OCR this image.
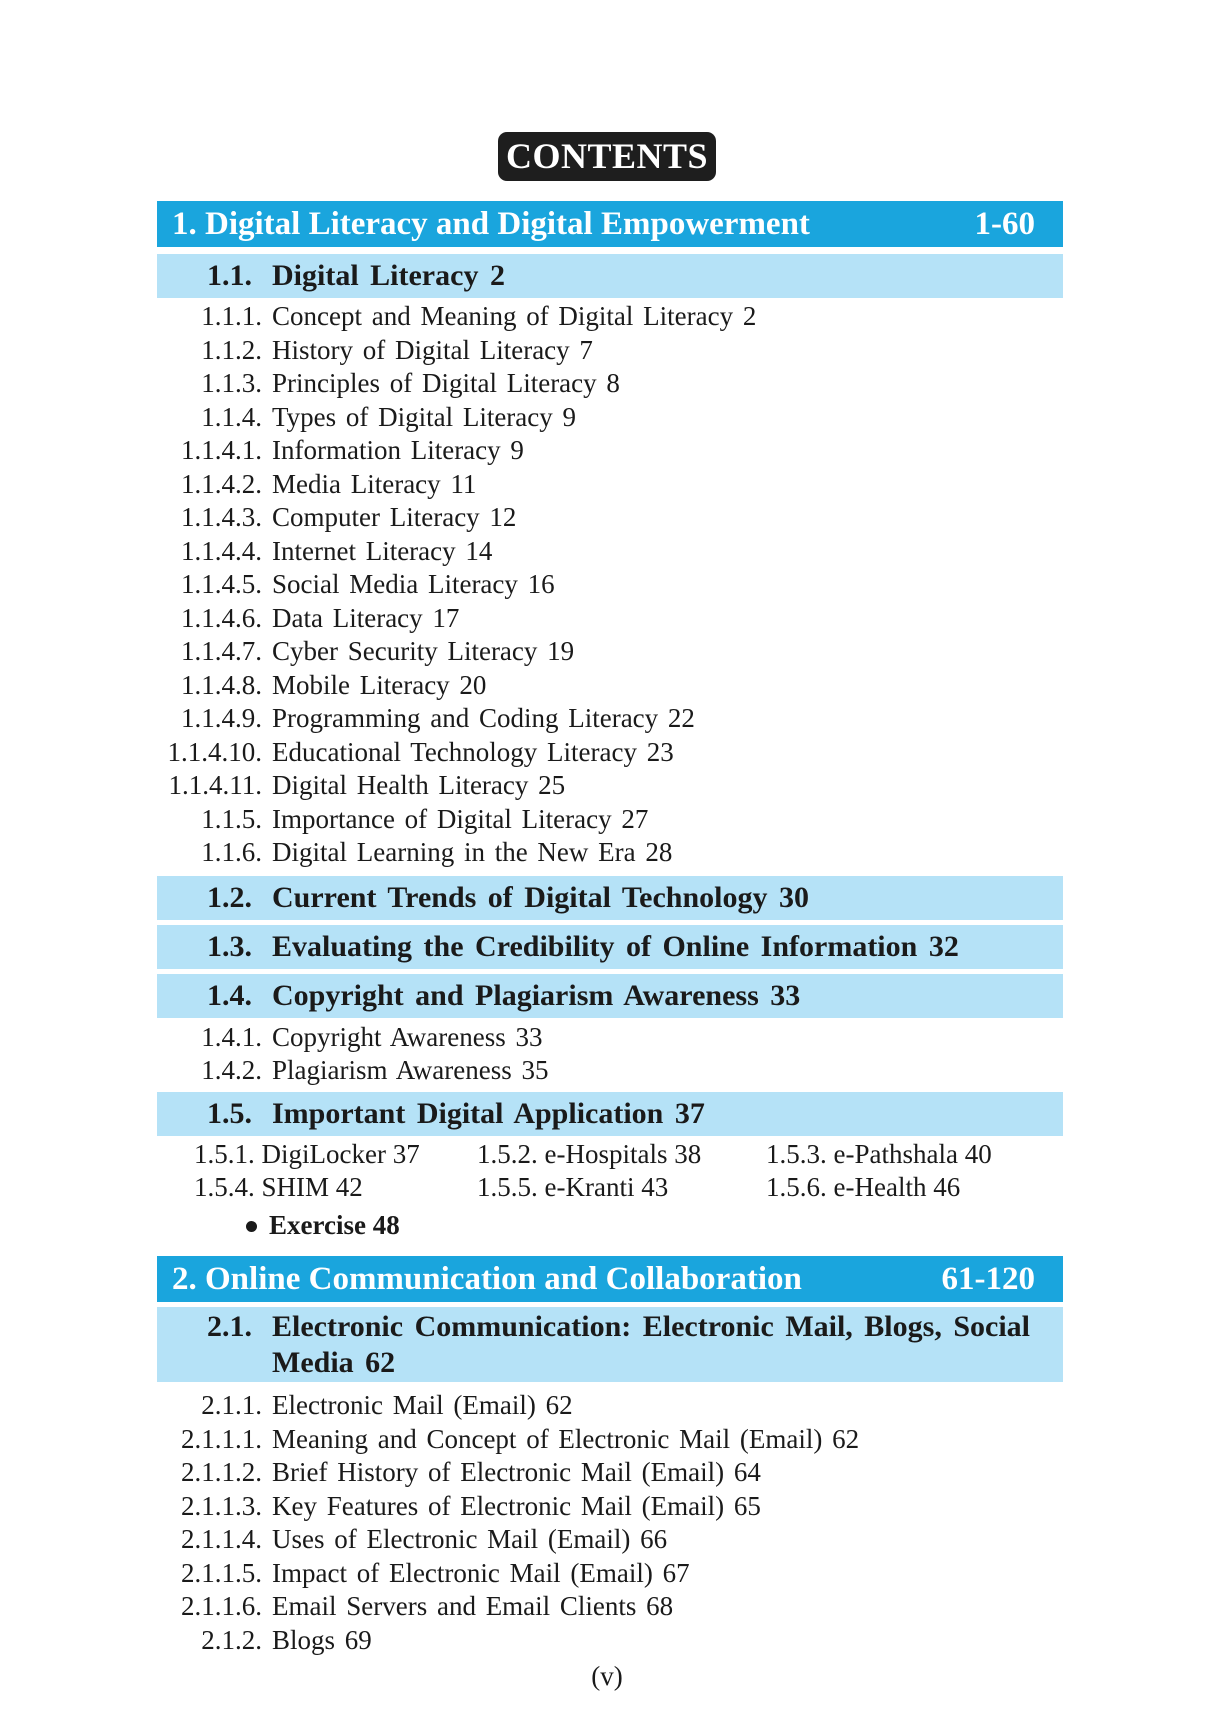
CONTENTS
1. Digital Literacy and Digital Empowerment	1-60
1.1. Digital Literacy 2
1.1.1. Concept and Meaning of Digital Literacy 2
1.1.2. History of Digital Literacy 7
1.1.3. Principles of Digital Literacy 8
1.1.4. Types of Digital Literacy 9
1.1.4.1. Information Literacy 9
1.1.4.2. Media Literacy 11
1.1.4.3. Computer Literacy 12
1.1.4.4. Internet Literacy 14
1.1.4.5. Social Media Literacy 16
1.1.4.6. Data Literacy 17
1.1.4.7. Cyber Security Literacy 19
1.1.4.8. Mobile Literacy 20
1.1.4.9. Programming and Coding Literacy 22
1.1.4.10. Educational Technology Literacy 23
1.1.4.11. Digital Health Literacy 25
1.1.5. Importance of Digital Literacy 27
1.1.6. Digital Learning in the New Era 28
1.2. Current Trends of Digital Technology 30
1.3. Evaluating the Credibility of Online Information 32
1.4. Copyright and Plagiarism Awareness 33
1.4.1. Copyright Awareness 33
1.4.2. Plagiarism Awareness 35
1.5. Important Digital Application 37
1.5.1. DigiLocker 37 1.5.2. e-Hospitals 38 1.5.3. e-Pathshala 40
1.5.4. SHIM 42	1.5.5. e-Kranti 43	1.5.6. e-Health 46
Exercise 48
2. Online Communication and Collaboration	61-120
2.1. Electronic Communication: Electronic Mail, Blogs, Social Media 62
2.1.1. Electronic Mail (Email) 62
2.1.1.1. Meaning and Concept of Electronic Mail (Email) 62
2.1.1.2. Brief History of Electronic Mail (Email) 64
2.1.1.3. Key Features of Electronic Mail (Email) 65
2.1.1.4. Uses of Electronic Mail (Email) 66
2.1.1.5. Impact of Electronic Mail (Email) 67
2.1.1.6. Email Servers and Email Clients 68
2.1.2. Blogs 69
(v)
